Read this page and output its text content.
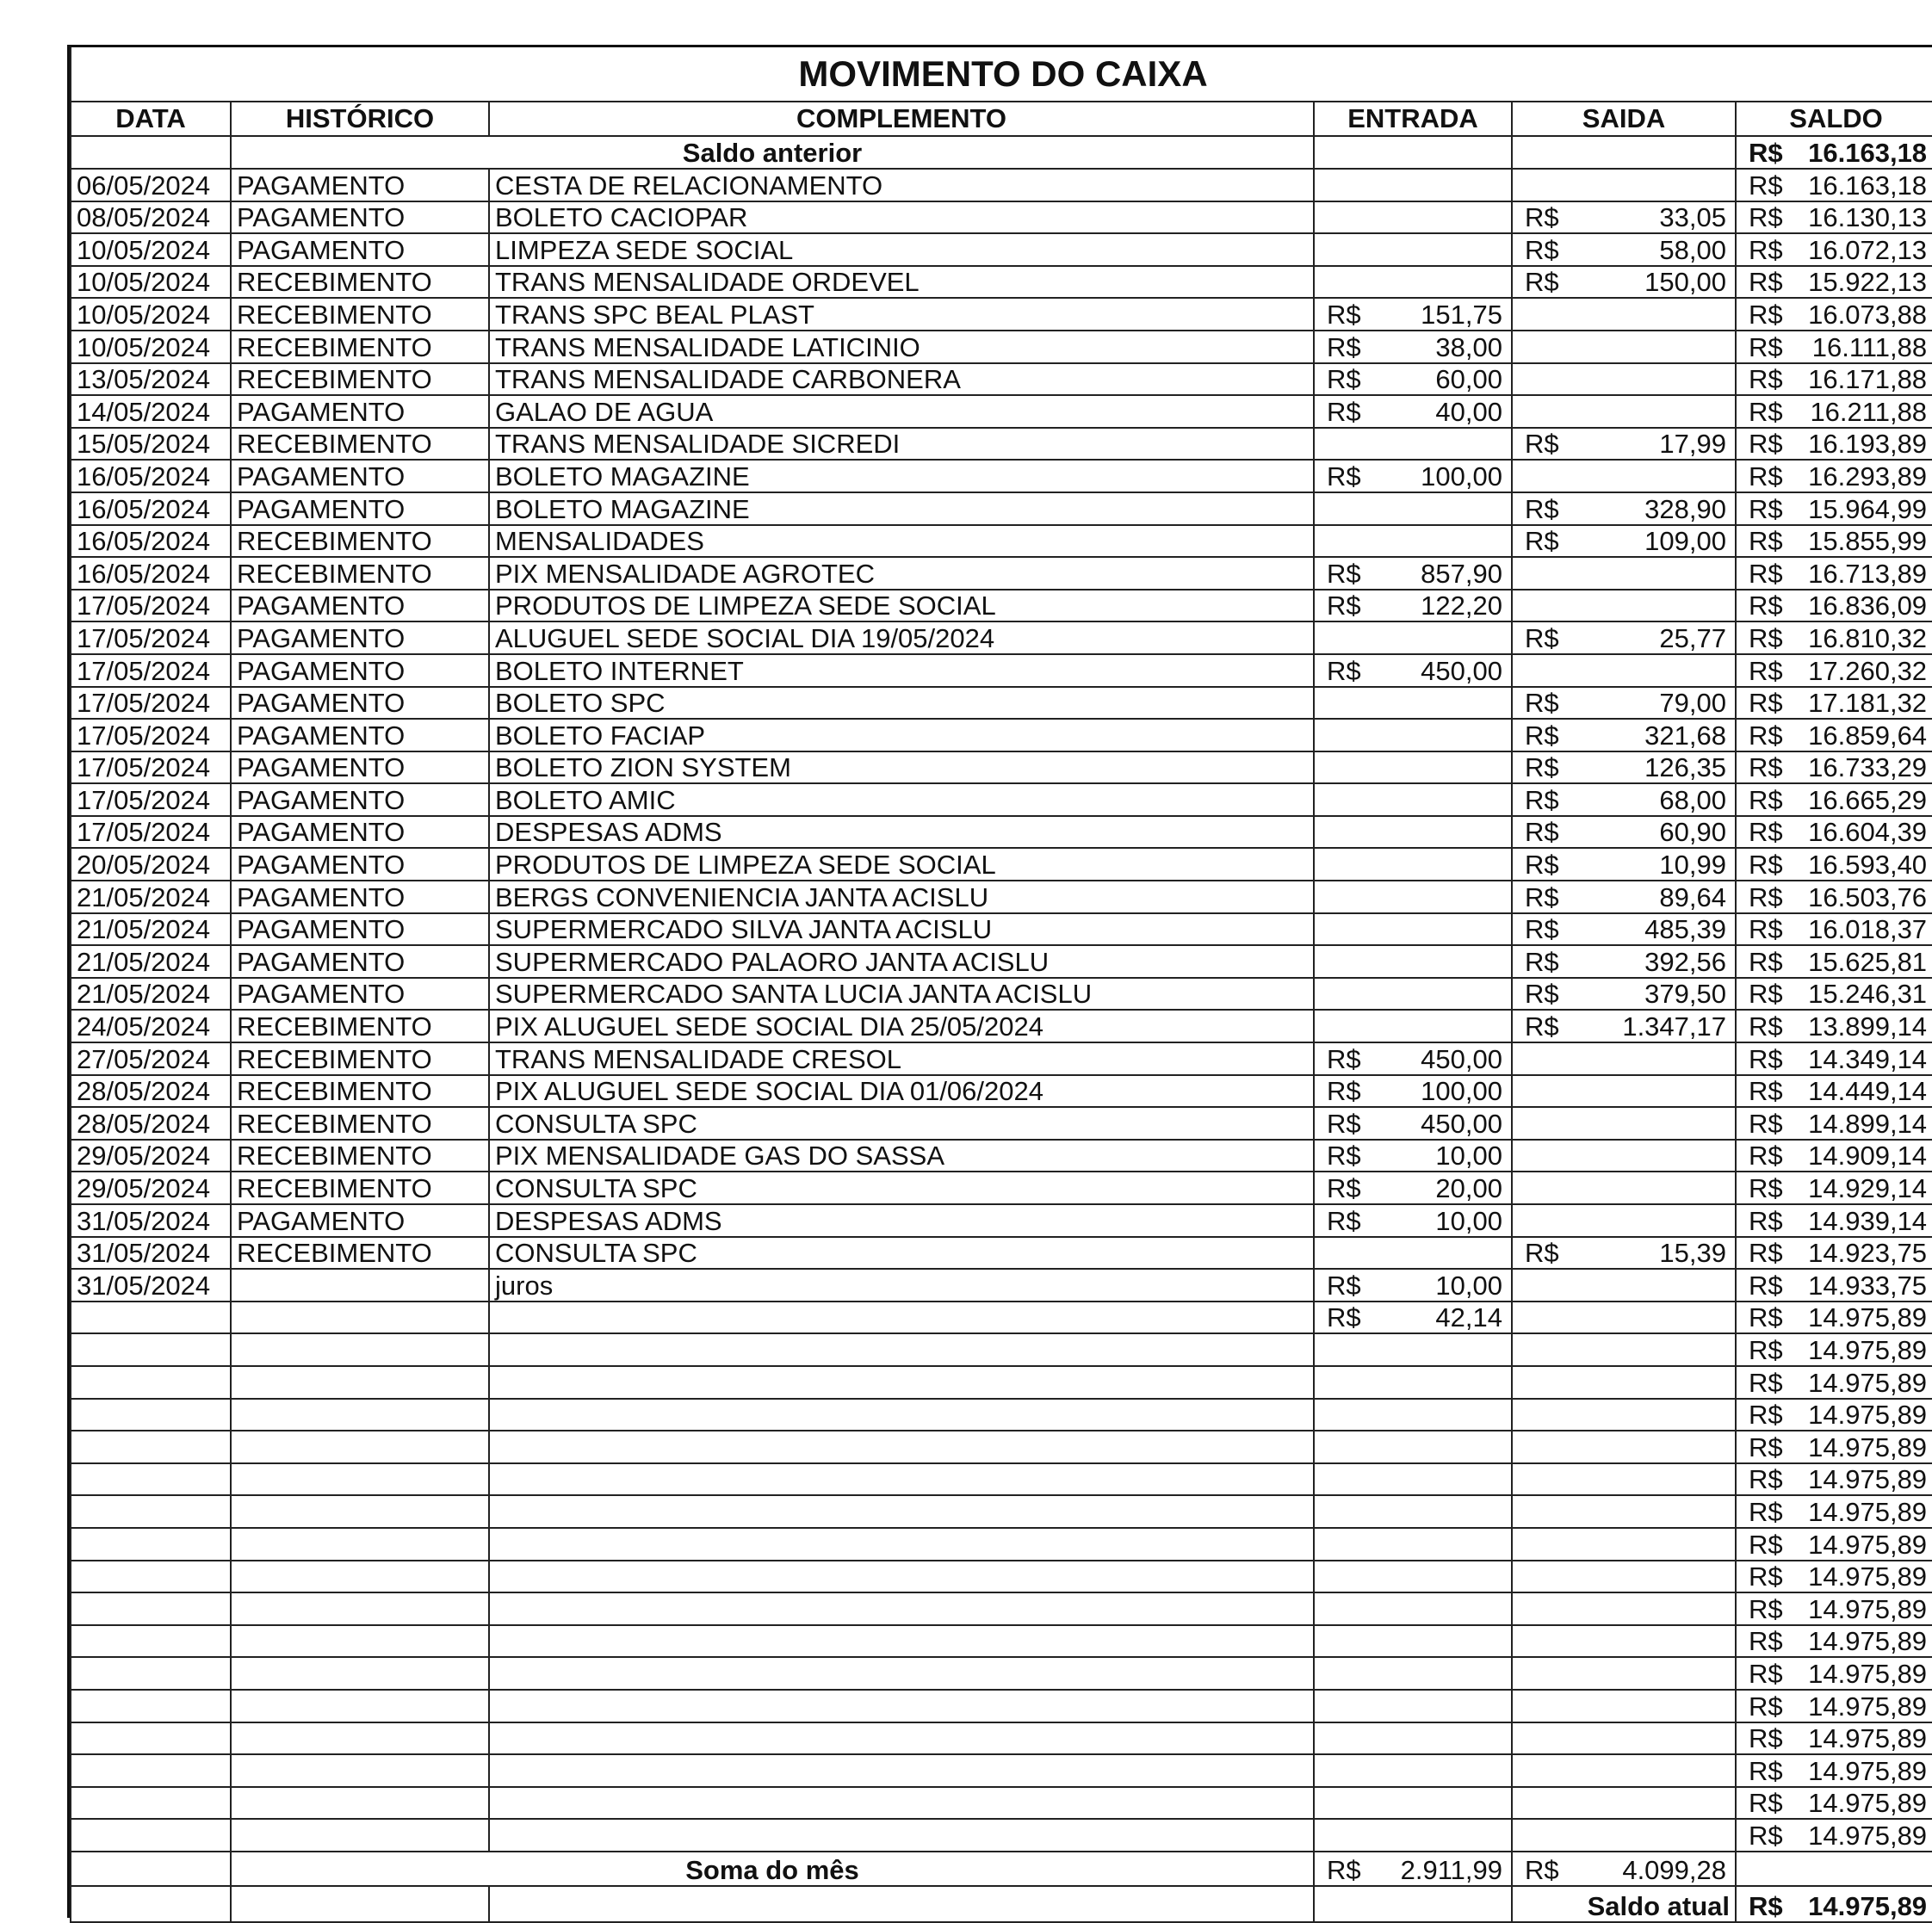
MOVIMENTO DO CAIXA					
DATA	HISTÓRICO	COMPLEMENTO	ENTRADA	SAIDA	SALDO
	Saldo anterior				R$ 16.163,18

06/05/2024	PAGAMENTO	CESTA DE RELACIONAMENTO			R$ 16.163,18

08/05/2024	PAGAMENTO	BOLETO CACIOPAR		R$ 33,05	R$ 16.130,13

10/05/2024	PAGAMENTO	LIMPEZA SEDE SOCIAL		R$ 58,00	R$ 16.072,13

10/05/2024	RECEBIMENTO	TRANS MENSALIDADE ORDEVEL		R$ 150,00	R$ 15.922,13

10/05/2024	RECEBIMENTO	TRANS SPC BEAL PLAST	R$ 151,75		R$ 16.073,88

10/05/2024	RECEBIMENTO	TRANS MENSALIDADE LATICINIO	R$ 38,00		R$ 16.111,88

13/05/2024	RECEBIMENTO	TRANS MENSALIDADE CARBONERA	R$ 60,00		R$ 16.171,88

14/05/2024	PAGAMENTO	GALAO DE AGUA	R$ 40,00		R$ 16.211,88

15/05/2024	RECEBIMENTO	TRANS MENSALIDADE SICREDI		R$ 17,99	R$ 16.193,89

16/05/2024	PAGAMENTO	BOLETO MAGAZINE	R$ 100,00		R$ 16.293,89

16/05/2024	PAGAMENTO	BOLETO MAGAZINE		R$ 328,90	R$ 15.964,99

16/05/2024	RECEBIMENTO	MENSALIDADES		R$ 109,00	R$ 15.855,99

16/05/2024	RECEBIMENTO	PIX MENSALIDADE AGROTEC	R$ 857,90		R$ 16.713,89

17/05/2024	PAGAMENTO	PRODUTOS DE LIMPEZA SEDE SOCIAL	R$ 122,20		R$ 16.836,09

17/05/2024	PAGAMENTO	ALUGUEL SEDE SOCIAL DIA 19/05/2024		R$ 25,77	R$ 16.810,32

17/05/2024	PAGAMENTO	BOLETO INTERNET	R$ 450,00		R$ 17.260,32

17/05/2024	PAGAMENTO	BOLETO SPC		R$ 79,00	R$ 17.181,32

17/05/2024	PAGAMENTO	BOLETO FACIAP		R$ 321,68	R$ 16.859,64

17/05/2024	PAGAMENTO	BOLETO ZION SYSTEM		R$ 126,35	R$ 16.733,29

17/05/2024	PAGAMENTO	BOLETO AMIC		R$ 68,00	R$ 16.665,29

17/05/2024	PAGAMENTO	DESPESAS ADMS		R$ 60,90	R$ 16.604,39

20/05/2024	PAGAMENTO	PRODUTOS DE LIMPEZA SEDE SOCIAL		R$ 10,99	R$ 16.593,40

21/05/2024	PAGAMENTO	BERGS CONVENIENCIA JANTA ACISLU		R$ 89,64	R$ 16.503,76

21/05/2024	PAGAMENTO	SUPERMERCADO SILVA JANTA ACISLU		R$ 485,39	R$ 16.018,37

21/05/2024	PAGAMENTO	SUPERMERCADO PALAORO JANTA ACISLU		R$ 392,56	R$ 15.625,81

21/05/2024	PAGAMENTO	SUPERMERCADO SANTA LUCIA JANTA ACISLU		R$ 379,50	R$ 15.246,31

24/05/2024	RECEBIMENTO	PIX ALUGUEL SEDE SOCIAL DIA 25/05/2024		R$ 1.347,17	R$ 13.899,14

27/05/2024	RECEBIMENTO	TRANS MENSALIDADE CRESOL	R$ 450,00		R$ 14.349,14

28/05/2024	RECEBIMENTO	PIX ALUGUEL SEDE SOCIAL DIA 01/06/2024	R$ 100,00		R$ 14.449,14

28/05/2024	RECEBIMENTO	CONSULTA SPC	R$ 450,00		R$ 14.899,14

29/05/2024	RECEBIMENTO	PIX MENSALIDADE GAS DO SASSA	R$ 10,00		R$ 14.909,14

29/05/2024	RECEBIMENTO	CONSULTA SPC	R$ 20,00		R$ 14.929,14

31/05/2024	PAGAMENTO	DESPESAS ADMS	R$ 10,00		R$ 14.939,14

31/05/2024	RECEBIMENTO	CONSULTA SPC		R$ 15,39	R$ 14.923,75

31/05/2024		juros	R$ 10,00		R$ 14.933,75

			R$ 42,14		R$ 14.975,89

					R$ 14.975,89

					R$ 14.975,89

					R$ 14.975,89

					R$ 14.975,89

					R$ 14.975,89

					R$ 14.975,89

					R$ 14.975,89

					R$ 14.975,89

					R$ 14.975,89

					R$ 14.975,89

					R$ 14.975,89

					R$ 14.975,89

					R$ 14.975,89

					R$ 14.975,89

					R$ 14.975,89

					R$ 14.975,89

	Soma do mês		R$ 2.911,99	R$ 4.099,28	

				Saldo atual	R$ 14.975,89
